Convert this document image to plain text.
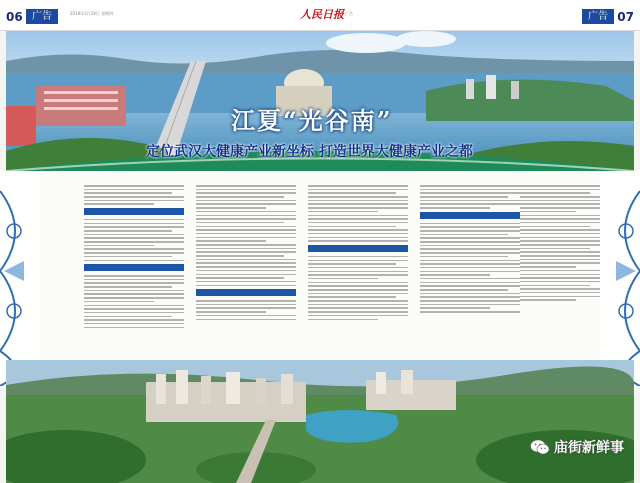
06 广告	2018年3月29日 星期四	人民日报 广告	广告 07
江夏“光谷南”
定位武汉大健康产业新坐标 打造世界大健康产业之都
庙街新鲜事
